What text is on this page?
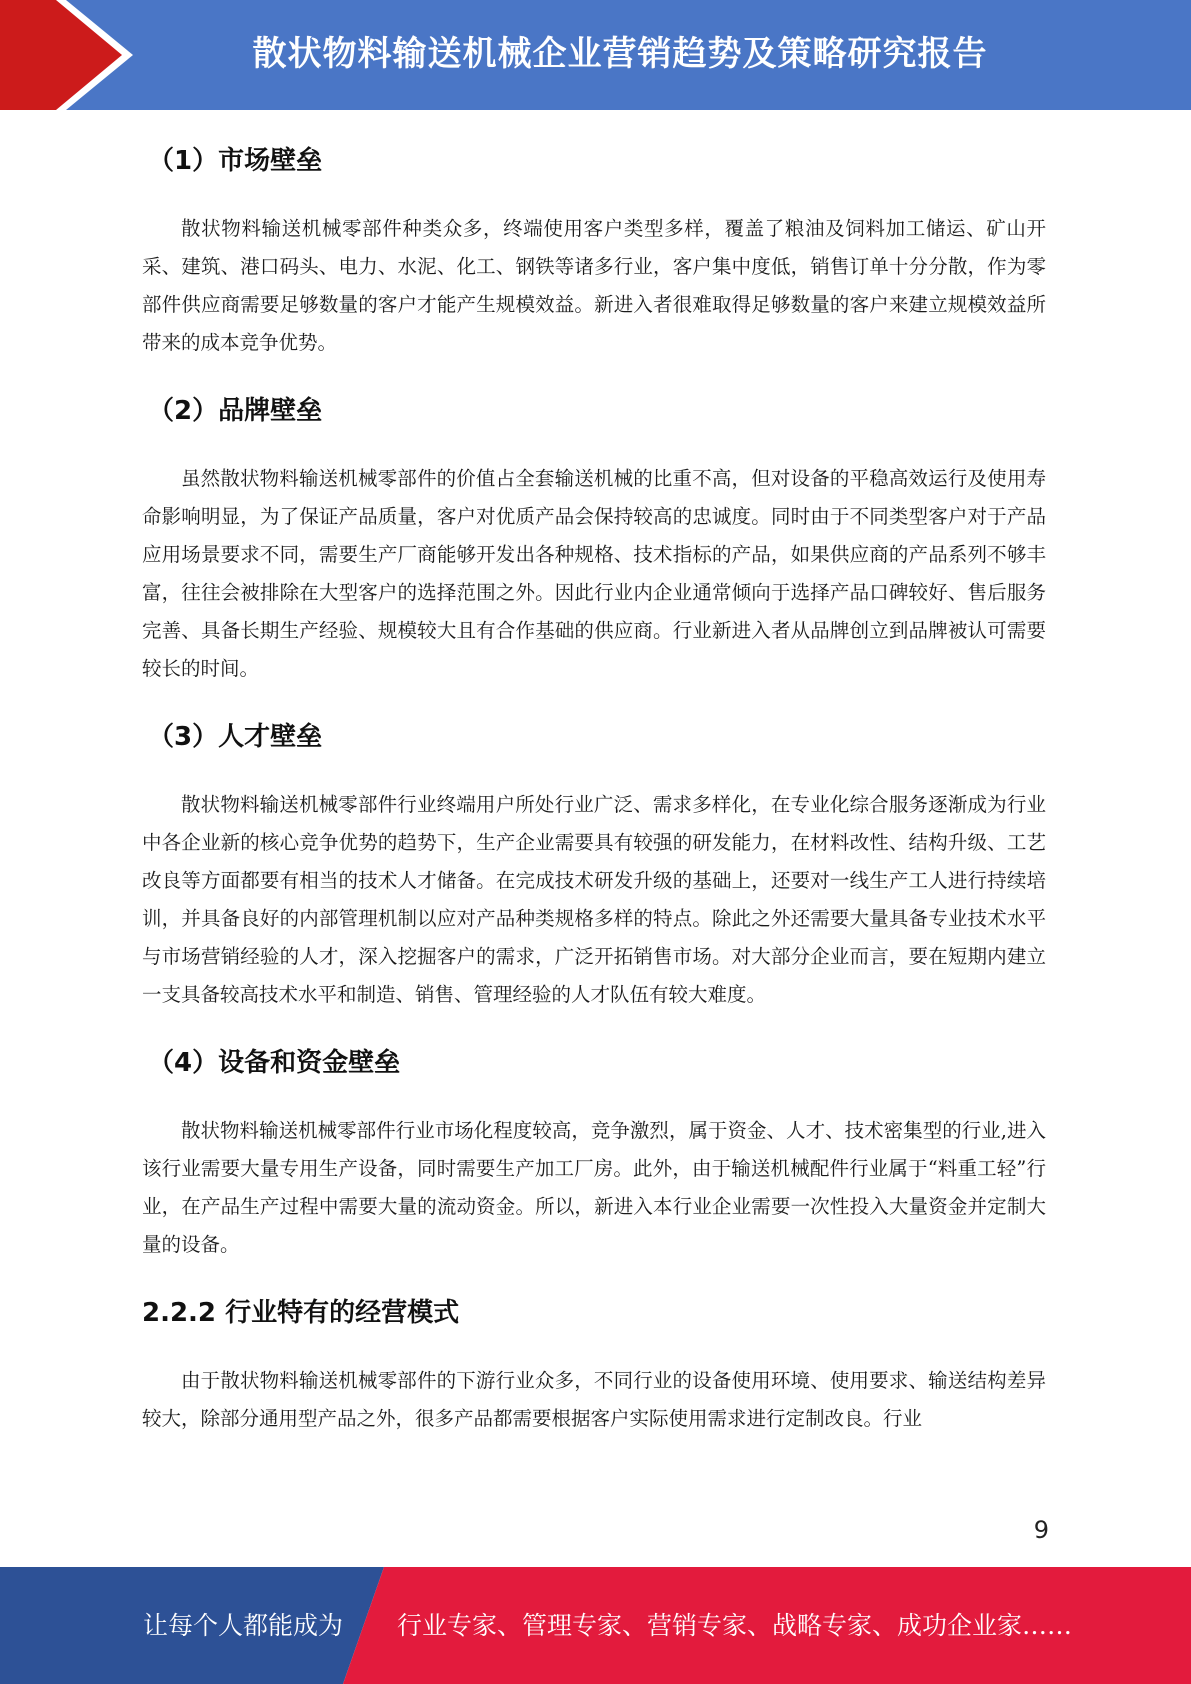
散状物料输送机械企业营销趋势及策略研究报告
（1）市场壁垒

散状物料输送机械零部件种类众多，终端使用客户类型多样，覆盖了粮油及饲料加工储运、矿山开采、建筑、港口码头、电力、水泥、化工、钢铁等诸多行业，客户集中度低，销售订单十分分散，作为零部件供应商需要足够数量的客户才能产生规模效益。新进入者很难取得足够数量的客户来建立规模效益所带来的成本竞争优势。

（2）品牌壁垒

虽然散状物料输送机械零部件的价值占全套输送机械的比重不高，但对设备的平稳高效运行及使用寿命影响明显，为了保证产品质量，客户对优质产品会保持较高的忠诚度。同时由于不同类型客户对于产品应用场景要求不同，需要生产厂商能够开发出各种规格、技术指标的产品，如果供应商的产品系列不够丰富，往往会被排除在大型客户的选择范围之外。因此行业内企业通常倾向于选择产品口碑较好、售后服务完善、具备长期生产经验、规模较大且有合作基础的供应商。行业新进入者从品牌创立到品牌被认可需要较长的时间。

（3）人才壁垒

散状物料输送机械零部件行业终端用户所处行业广泛、需求多样化，在专业化综合服务逐渐成为行业中各企业新的核心竞争优势的趋势下，生产企业需要具有较强的研发能力，在材料改性、结构升级、工艺改良等方面都要有相当的技术人才储备。在完成技术研发升级的基础上，还要对一线生产工人进行持续培训，并具备良好的内部管理机制以应对产品种类规格多样的特点。除此之外还需要大量具备专业技术水平与市场营销经验的人才，深入挖掘客户的需求，广泛开拓销售市场。对大部分企业而言，要在短期内建立一支具备较高技术水平和制造、销售、管理经验的人才队伍有较大难度。

（4）设备和资金壁垒

散状物料输送机械零部件行业市场化程度较高，竞争激烈，属于资金、人才、技术密集型的行业,进入该行业需要大量专用生产设备，同时需要生产加工厂房。此外，由于输送机械配件行业属于“料重工轻”行业，在产品生产过程中需要大量的流动资金。所以，新进入本行业企业需要一次性投入大量资金并定制大量的设备。

2.2.2 行业特有的经营模式

由于散状物料输送机械零部件的下游行业众多，不同行业的设备使用环境、使用要求、输送结构差异较大，除部分通用型产品之外，很多产品都需要根据客户实际使用需求进行定制改良。行业

9
让每个人都能成为 行业专家、管理专家、营销专家、战略专家、成功企业家……
